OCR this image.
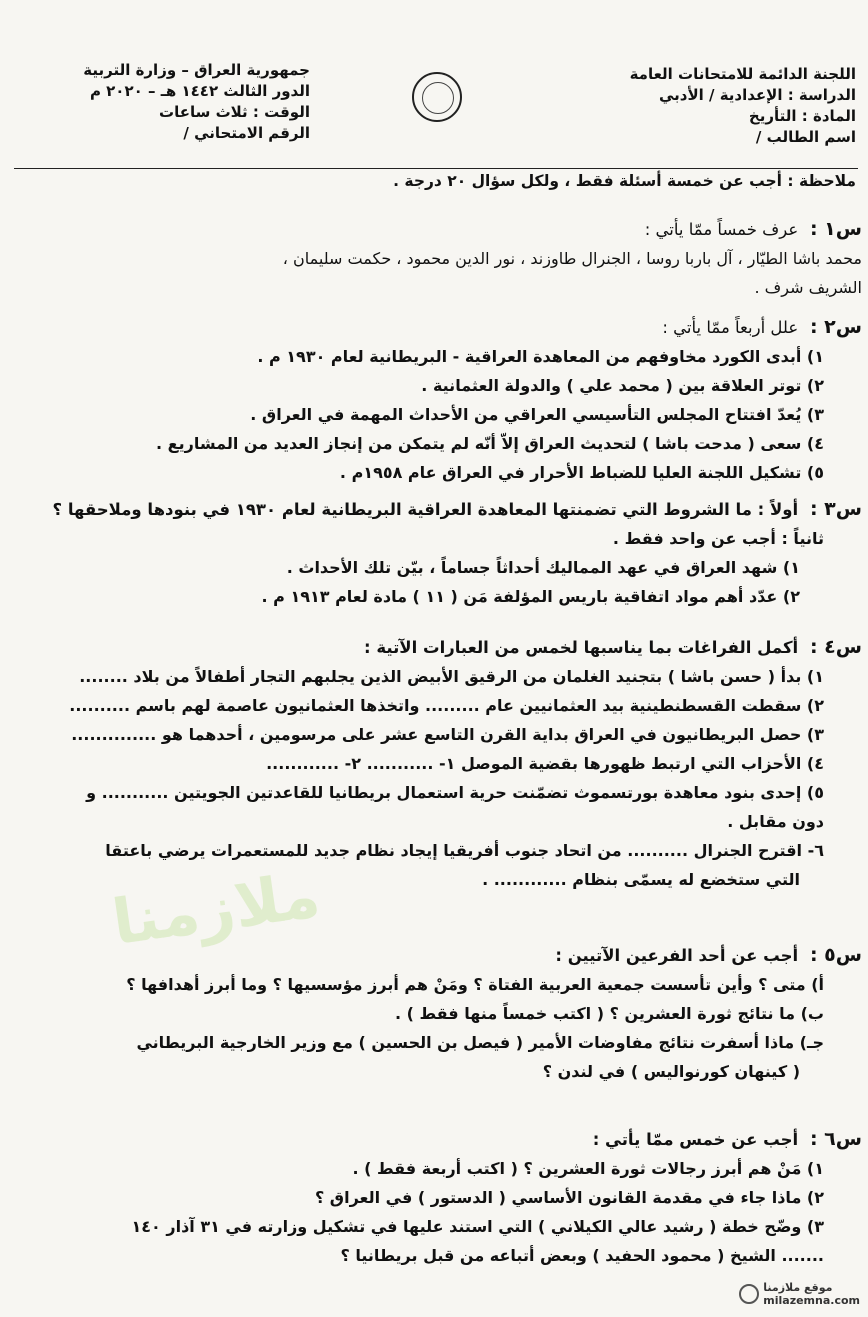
اللجنة الدائمة للامتحانات العامة
الدراسة : الإعدادية / الأدبي
المادة : التأريخ
اسم الطالب /
جمهورية العراق – وزارة التربية
الدور الثالث ١٤٤٢ هـ – ٢٠٢٠ م
الوقت : ثلاث ساعات
الرقم الامتحاني /
ملاحظة : أجب عن خمسة أسئلة فقط ، ولكل سؤال ٢٠ درجة .
س١ : عرف خمساً ممّا يأتي :
محمد باشا الطيّار ، آل باربا روسا ، الجنرال طاوزند ، نور الدين محمود ، حكمت سليمان ،
الشريف شرف .
س٢ : علل أربعاً ممّا يأتي :
١) أبدى الكورد مخاوفهم من المعاهدة العراقية - البريطانية لعام ١٩٣٠ م .
٢) توتر العلاقة بين ( محمد علي ) والدولة العثمانية .
٣) يُعدّ افتتاح المجلس التأسيسي العراقي من الأحداث المهمة في العراق .
٤) سعى ( مدحت باشا ) لتحديث العراق إلاّ أنّه لم يتمكن من إنجاز العديد من المشاريع .
٥) تشكيل اللجنة العليا للضباط الأحرار في العراق عام ١٩٥٨م .
س٣ : أولاً : ما الشروط التي تضمنتها المعاهدة العراقية البريطانية لعام ١٩٣٠ في بنودها وملاحقها ؟
ثانياً : أجب عن واحد فقط .
١) شهد العراق في عهد المماليك أحداثاً جساماً ، بيّن تلك الأحداث .
٢) عدّد أهم مواد اتفاقية باريس المؤلفة مَن ( ١١ ) مادة لعام ١٩١٣ م .
س٤ : أكمل الفراغات بما يناسبها لخمس من العبارات الآتية :
١) بدأ ( حسن باشا ) بتجنيد الغلمان من الرقيق الأبيض الذين يجلبهم التجار أطفالاً من بلاد ........
٢) سقطت القسطنطينية بيد العثمانيين عام ......... واتخذها العثمانيون عاصمة لهم باسم ..........
٣) حصل البريطانيون في العراق بداية القرن التاسع عشر على مرسومين ، أحدهما هو ..............
٤) الأحزاب التي ارتبط ظهورها بقضية الموصل ١- ........... ٢- ............
٥) إحدى بنود معاهدة بورتسموث تضمّنت حرية استعمال بريطانيا للقاعدتين الجويتين ........... و
دون مقابل .
٦- اقترح الجنرال .......... من اتحاد جنوب أفريقيا إيجاد نظام جديد للمستعمرات يرضي باعتقا
التي ستخضع له يسمّى بنظام ............ .
ملازمنا	س٥ : أجب عن أحد الفرعين الآتيين :
أ) متى ؟ وأين تأسست جمعية العربية الفتاة ؟ ومَنْ هم أبرز مؤسسيها ؟ وما أبرز أهدافها ؟
ب) ما نتائج ثورة العشرين ؟ ( اكتب خمساً منها فقط ) .
جـ) ماذا أسفرت نتائج مفاوضات الأمير ( فيصل بن الحسين ) مع وزير الخارجية البريطاني
( كينهان كورنواليس ) في لندن ؟
س٦ : أجب عن خمس ممّا يأتي :
١) مَنْ هم أبرز رجالات ثورة العشرين ؟ ( اكتب أربعة فقط ) .
٢) ماذا جاء في مقدمة القانون الأساسي ( الدستور ) في العراق ؟
٣) وضّح خطة ( رشيد عالي الكيلاني ) التي استند عليها في تشكيل وزارته في ٣١ آذار ١٤٠
....... الشيخ ( محمود الحفيد ) وبعض أتباعه من قبل بريطانيا ؟

موقع ملازمنا
milazemna.com
